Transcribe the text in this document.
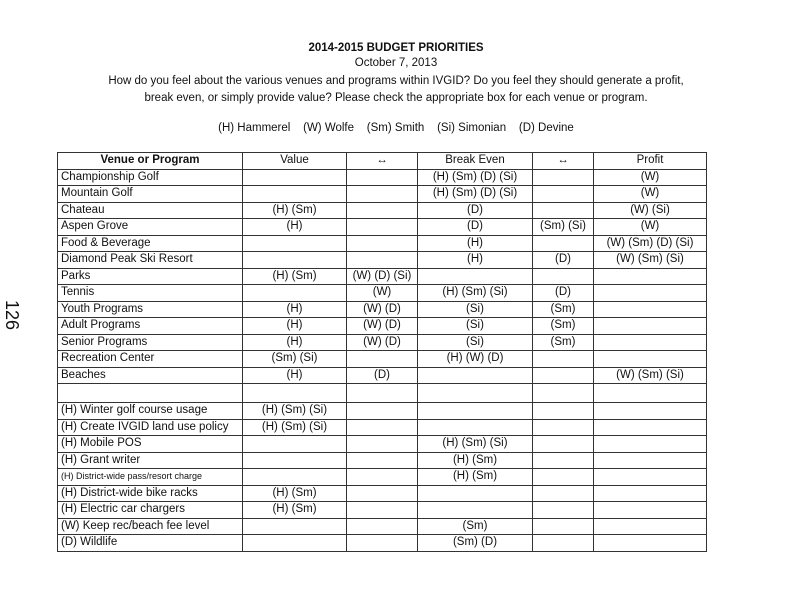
2014-2015 BUDGET PRIORITIES
October 7, 2013
How do you feel about the various venues and programs within IVGID? Do you feel they should generate a profit,
break even, or simply provide value? Please check the appropriate box for each venue or program.
(H) Hammerel    (W) Wolfe    (Sm) Smith    (Si) Simonian    (D) Devine
126
Venue or Program	Value	↔	Break Even	↔	Profit
Championship Golf			(H) (Sm) (D) (Si)		(W)
Mountain Golf			(H) (Sm) (D) (Si)		(W)
Chateau	(H) (Sm)		(D)		(W) (Si)
Aspen Grove	(H)		(D)	(Sm) (Si)	(W)
Food & Beverage			(H)		(W) (Sm) (D) (Si)
Diamond Peak Ski Resort			(H)	(D)	(W) (Sm) (Si)
Parks	(H) (Sm)	(W) (D) (Si)			
Tennis		(W)	(H) (Sm) (Si)	(D)	
Youth Programs	(H)	(W) (D)	(Si)	(Sm)	
Adult Programs	(H)	(W) (D)	(Si)	(Sm)	
Senior Programs	(H)	(W) (D)	(Si)	(Sm)	
Recreation Center	(Sm) (Si)		(H) (W) (D)		
Beaches	(H)	(D)			(W) (Sm) (Si)

(H) Winter golf course usage	(H) (Sm) (Si)				
(H) Create IVGID land use policy	(H) (Sm) (Si)				
(H) Mobile POS			(H) (Sm) (Si)		
(H) Grant writer			(H) (Sm)		
(H) District-wide pass/resort charge			(H) (Sm)		
(H) District-wide bike racks	(H) (Sm)				
(H) Electric car chargers	(H) (Sm)				
(W) Keep rec/beach fee level			(Sm)		
(D) Wildlife			(Sm) (D)		
